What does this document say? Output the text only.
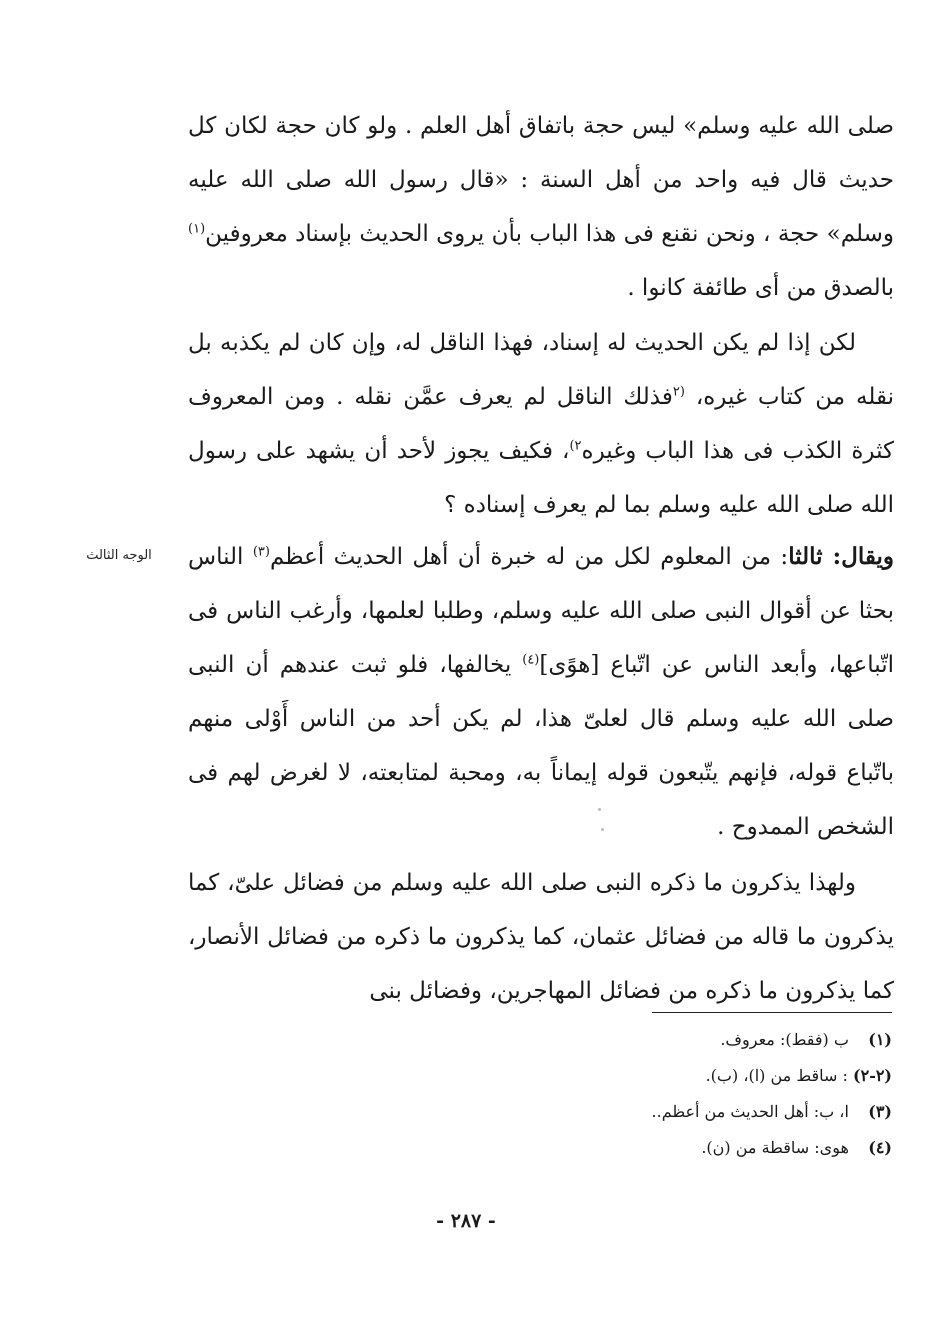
صلى الله عليه وسلم» ليس حجة باتفاق أهل العلم . ولو كان حجة لكان كل حديث قال فيه واحد من أهل السنة : «قال رسول الله صلى الله عليه وسلم» حجة ، ونحن نقنع فى هذا الباب بأن يروى الحديث بإسناد معروفين$^{(١)}$ بالصدق من أى طائفة كانوا .

لكن إذا لم يكن الحديث له إسناد، فهذا الناقل له، وإن كان لم يكذبه بل نقله من كتاب غيره، $^{(٢}$فذلك الناقل لم يعرف عمَّن نقله . ومن المعروف كثرة الكذب فى هذا الباب وغيره$^{٢)}$، فكيف يجوز لأحد أن يشهد على رسول الله صلى الله عليه وسلم بما لم يعرف إسناده ؟

الوجه الثالث	ويقال: ثالثا: من المعلوم لكل من له خبرة أن أهل الحديث أعظم$^{(٣)}$ الناس بحثا عن أقوال النبى صلى الله عليه وسلم، وطلبا لعلمها، وأرغب الناس فى اتّباعها، وأبعد الناس عن اتّباع [هوًى]$^{(٤)}$ يخالفها، فلو ثبت عندهم أن النبى صلى الله عليه وسلم قال لعلىّ هذا، لم يكن أحد من الناس أَوْلى منهم باتّباع قوله، فإنهم يتّبعون قوله إيماناً به، ومحبة لمتابعته، لا لغرض لهم فى الشخص الممدوح .

ولهذا يذكرون ما ذكره النبى صلى الله عليه وسلم من فضائل علىّ، كما يذكرون ما قاله من فضائل عثمان، كما يذكرون ما ذكره من فضائل الأنصار، كما يذكرون ما ذكره من فضائل المهاجرين، وفضائل بنى

(١) ب (فقط): معروف.
(٢-٢) : ساقط من (ا)، (ب).
(٣) ا، ب: أهل الحديث من أعظم..
(٤) هوى: ساقطة من (ن).
- ٢٨٧ -
